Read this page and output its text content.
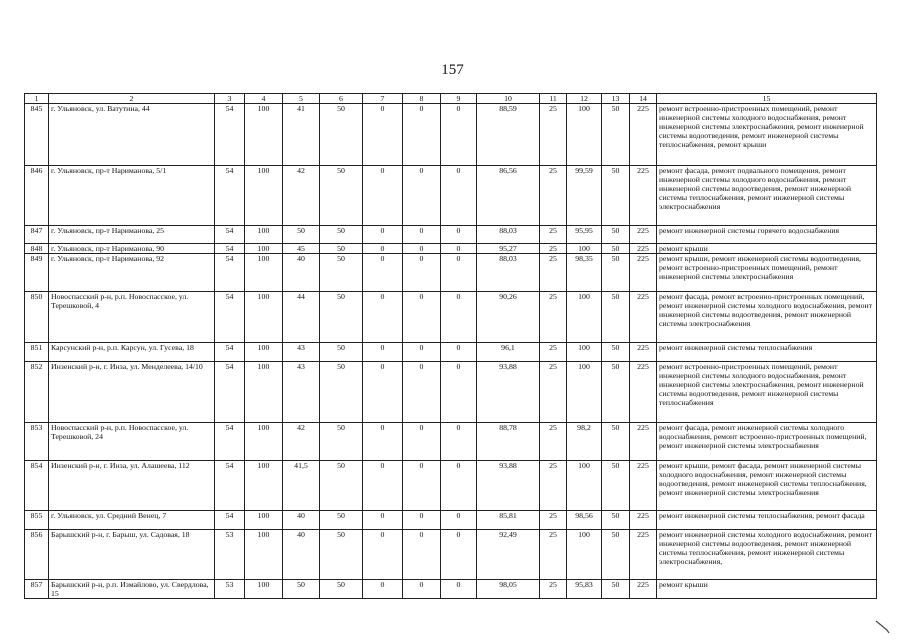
157
1	2	3	4	5	6	7	8	9	10	11	12	13	14	15
845	г. Ульяновск, ул. Ватутина, 44	54	100	41	50	0	0	0	88,59	25	100	50	225	ремонт встроенно-пристроенных помещений, ремонт инженерной системы холодного водоснабжения, ремонт инженерной системы электроснабжения, ремонт инженерной системы водоотведения, ремонт инженерной системы теплоснабжения, ремонт крыши
846	г. Ульяновск, пр-т Нариманова, 5/1	54	100	42	50	0	0	0	86,56	25	99,59	50	225	ремонт фасада, ремонт подвального помещения, ремонт инженерной системы холодного водоснабжения, ремонт инженерной системы водоотведения, ремонт инженерной системы теплоснабжения, ремонт инженерной системы электроснабжения
847	г. Ульяновск, пр-т Нариманова, 25	54	100	50	50	0	0	0	88,03	25	95,95	50	225	ремонт инженерной системы горячего водоснабжения
848	г. Ульяновск, пр-т Нариманова, 90	54	100	45	50	0	0	0	95,27	25	100	50	225	ремонт крыши
849	г. Ульяновск, пр-т Нариманова, 92	54	100	40	50	0	0	0	88,03	25	98,35	50	225	ремонт крыши, ремонт инженерной системы водоотведения, ремонт встроенно-пристроенных помещений, ремонт инженерной системы электроснабжения
850	Новоспасский р-н, р.п. Новоспасское, ул. Терешковой, 4	54	100	44	50	0	0	0	90,26	25	100	50	225	ремонт фасада, ремонт встроенно-пристроенных помещений, ремонт инженерной системы холодного водоснабжения, ремонт инженерной системы водоотведения, ремонт инженерной системы электроснабжения
851	Карсунский р-н, р.п. Карсун, ул. Гусева, 18	54	100	43	50	0	0	0	96,1	25	100	50	225	ремонт инженерной системы теплоснабжения
852	Инзенский р-н, г. Инза, ул. Менделеева, 14/10	54	100	43	50	0	0	0	93,88	25	100	50	225	ремонт встроенно-пристроенных помещений, ремонт инженерной системы холодного водоснабжения, ремонт инженерной системы электроснабжения, ремонт инженерной системы водоотведения, ремонт инженерной системы теплоснабжения
853	Новоспасский р-н, р.п. Новоспасское, ул. Терешковой, 24	54	100	42	50	0	0	0	88,78	25	98,2	50	225	ремонт фасада, ремонт инженерной системы холодного водоснабжения, ремонт встроенно-пристроенных помещений, ремонт инженерной системы электроснабжения
854	Инзенский р-н, г. Инза, ул. Алашеева, 112	54	100	41,5	50	0	0	0	93,88	25	100	50	225	ремонт крыши, ремонт фасада, ремонт инженерной системы холодного водоснабжения, ремонт инженерной системы водоотведения, ремонт инженерной системы теплоснабжения, ремонт инженерной системы электроснабжения
855	г. Ульяновск, ул. Средний Венец, 7	54	100	40	50	0	0	0	85,81	25	98,56	50	225	ремонт инженерной системы теплоснабжения, ремонт фасада
856	Барышский р-н, г. Барыш, ул. Садовая, 18	53	100	40	50	0	0	0	92,49	25	100	50	225	ремонт инженерной системы холодного водоснабжения, ремонт инженерной системы водоотведения, ремонт инженерной системы теплоснабжения, ремонт инженерной системы электроснабжения,
857	Барышский р-н, р.п. Измайлово, ул. Свердлова, 15	53	100	50	50	0	0	0	98,05	25	95,83	50	225	ремонт крыши
